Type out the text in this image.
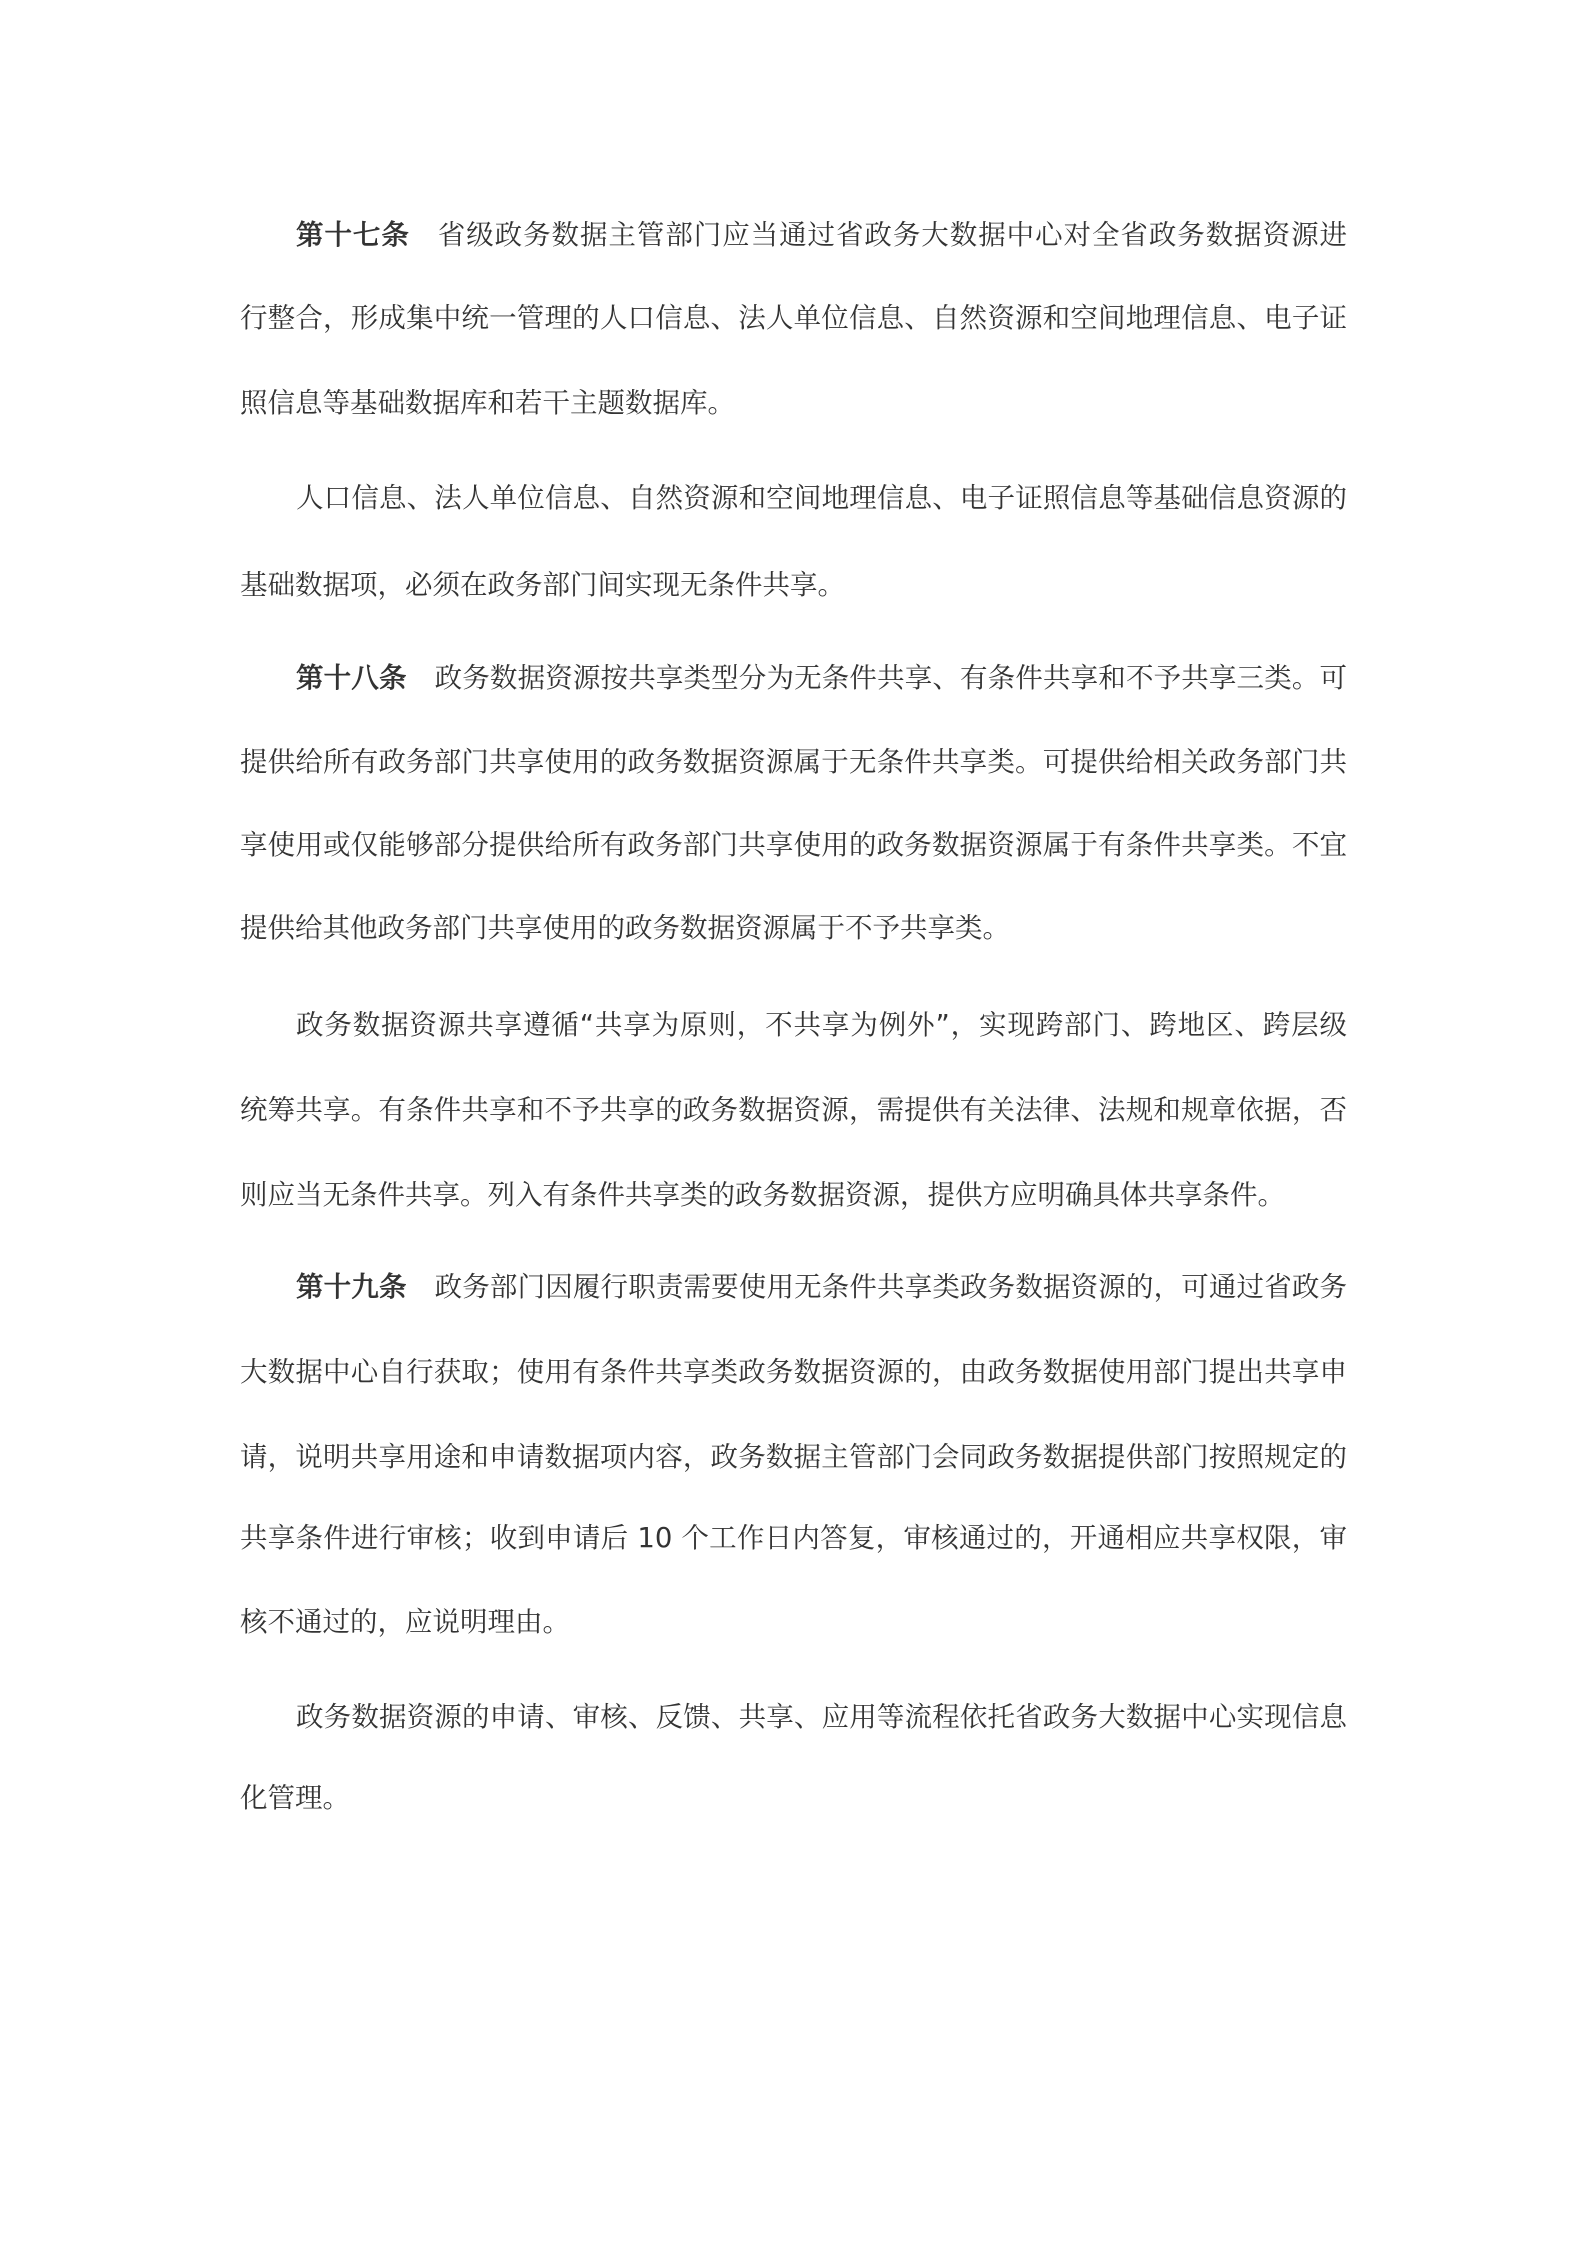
第十七条 省级政务数据主管部门应当通过省政务大数据中心对全省政务数据资源进
行整合，形成集中统一管理的人口信息、法人单位信息、自然资源和空间地理信息、电子证
照信息等基础数据库和若干主题数据库。
人口信息、法人单位信息、自然资源和空间地理信息、电子证照信息等基础信息资源的
基础数据项，必须在政务部门间实现无条件共享。
第十八条 政务数据资源按共享类型分为无条件共享、有条件共享和不予共享三类。可
提供给所有政务部门共享使用的政务数据资源属于无条件共享类。可提供给相关政务部门共
享使用或仅能够部分提供给所有政务部门共享使用的政务数据资源属于有条件共享类。不宜
提供给其他政务部门共享使用的政务数据资源属于不予共享类。
政务数据资源共享遵循“共享为原则，不共享为例外”，实现跨部门、跨地区、跨层级
统筹共享。有条件共享和不予共享的政务数据资源，需提供有关法律、法规和规章依据，否
则应当无条件共享。列入有条件共享类的政务数据资源，提供方应明确具体共享条件。
第十九条 政务部门因履行职责需要使用无条件共享类政务数据资源的，可通过省政务
大数据中心自行获取；使用有条件共享类政务数据资源的，由政务数据使用部门提出共享申
请，说明共享用途和申请数据项内容，政务数据主管部门会同政务数据提供部门按照规定的
共享条件进行审核；收到申请后 10 个工作日内答复，审核通过的，开通相应共享权限，审
核不通过的，应说明理由。
政务数据资源的申请、审核、反馈、共享、应用等流程依托省政务大数据中心实现信息
化管理。
